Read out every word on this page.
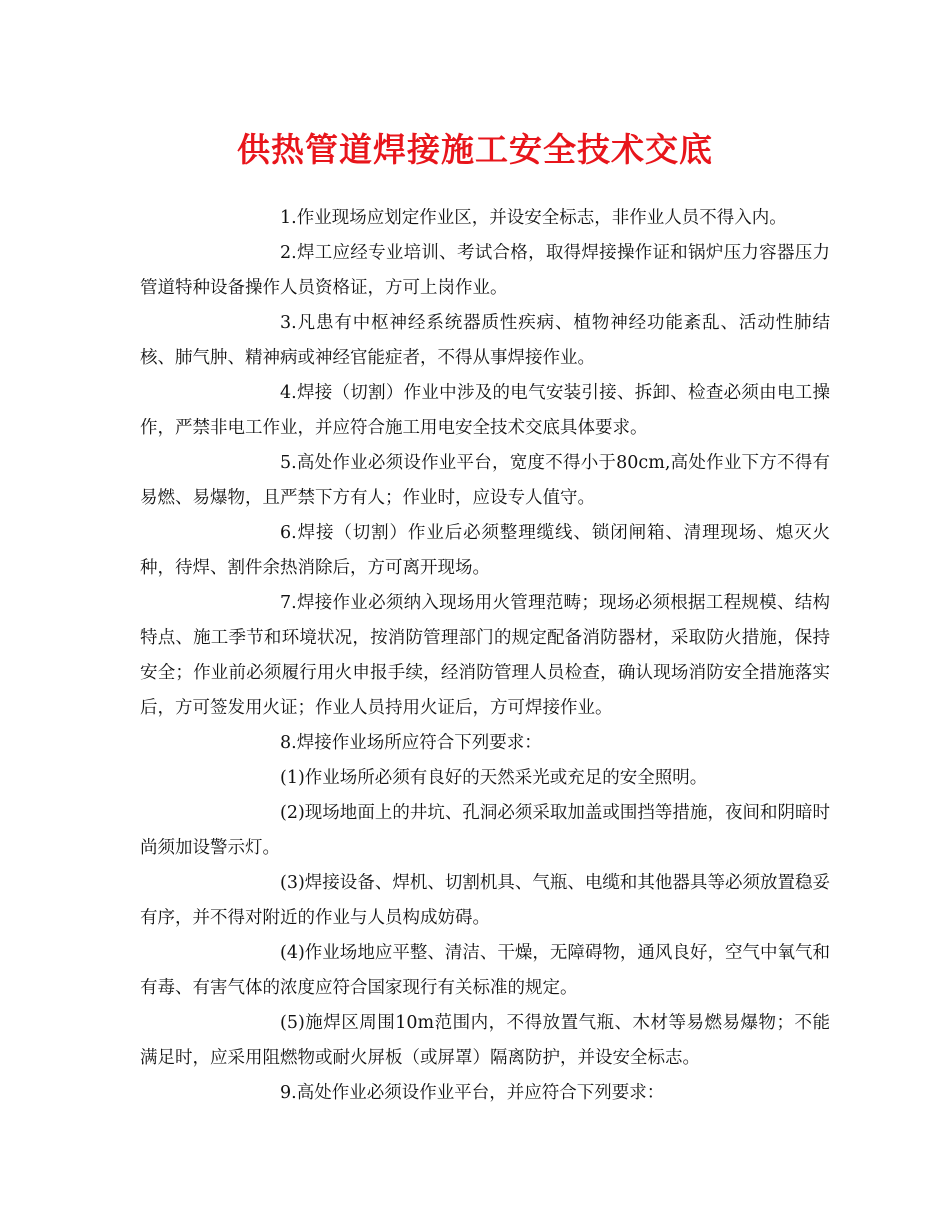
供热管道焊接施工安全技术交底

1.作业现场应划定作业区，并设安全标志，非作业人员不得入内。

2.焊工应经专业培训、考试合格，取得焊接操作证和锅炉压力容器压力管道特种设备操作人员资格证，方可上岗作业。

3.凡患有中枢神经系统器质性疾病、植物神经功能紊乱、活动性肺结核、肺气肿、精神病或神经官能症者，不得从事焊接作业。

4.焊接（切割）作业中涉及的电气安装引接、拆卸、检查必须由电工操作，严禁非电工作业，并应符合施工用电安全技术交底具体要求。

5.高处作业必须设作业平台，宽度不得小于80cm,高处作业下方不得有易燃、易爆物，且严禁下方有人；作业时，应设专人值守。

6.焊接（切割）作业后必须整理缆线、锁闭闸箱、清理现场、熄灭火种，待焊、割件余热消除后，方可离开现场。

7.焊接作业必须纳入现场用火管理范畴；现场必须根据工程规模、结构特点、施工季节和环境状况，按消防管理部门的规定配备消防器材，采取防火措施，保持安全；作业前必须履行用火申报手续，经消防管理人员检查，确认现场消防安全措施落实后，方可签发用火证；作业人员持用火证后，方可焊接作业。

8.焊接作业场所应符合下列要求：

(1)作业场所必须有良好的天然采光或充足的安全照明。

(2)现场地面上的井坑、孔洞必须采取加盖或围挡等措施，夜间和阴暗时尚须加设警示灯。

(3)焊接设备、焊机、切割机具、气瓶、电缆和其他器具等必须放置稳妥有序，并不得对附近的作业与人员构成妨碍。

(4)作业场地应平整、清洁、干燥，无障碍物，通风良好，空气中氧气和有毒、有害气体的浓度应符合国家现行有关标准的规定。

(5)施焊区周围10m范围内，不得放置气瓶、木材等易燃易爆物；不能满足时，应采用阻燃物或耐火屏板（或屏罩）隔离防护，并设安全标志。

9.高处作业必须设作业平台，并应符合下列要求：
